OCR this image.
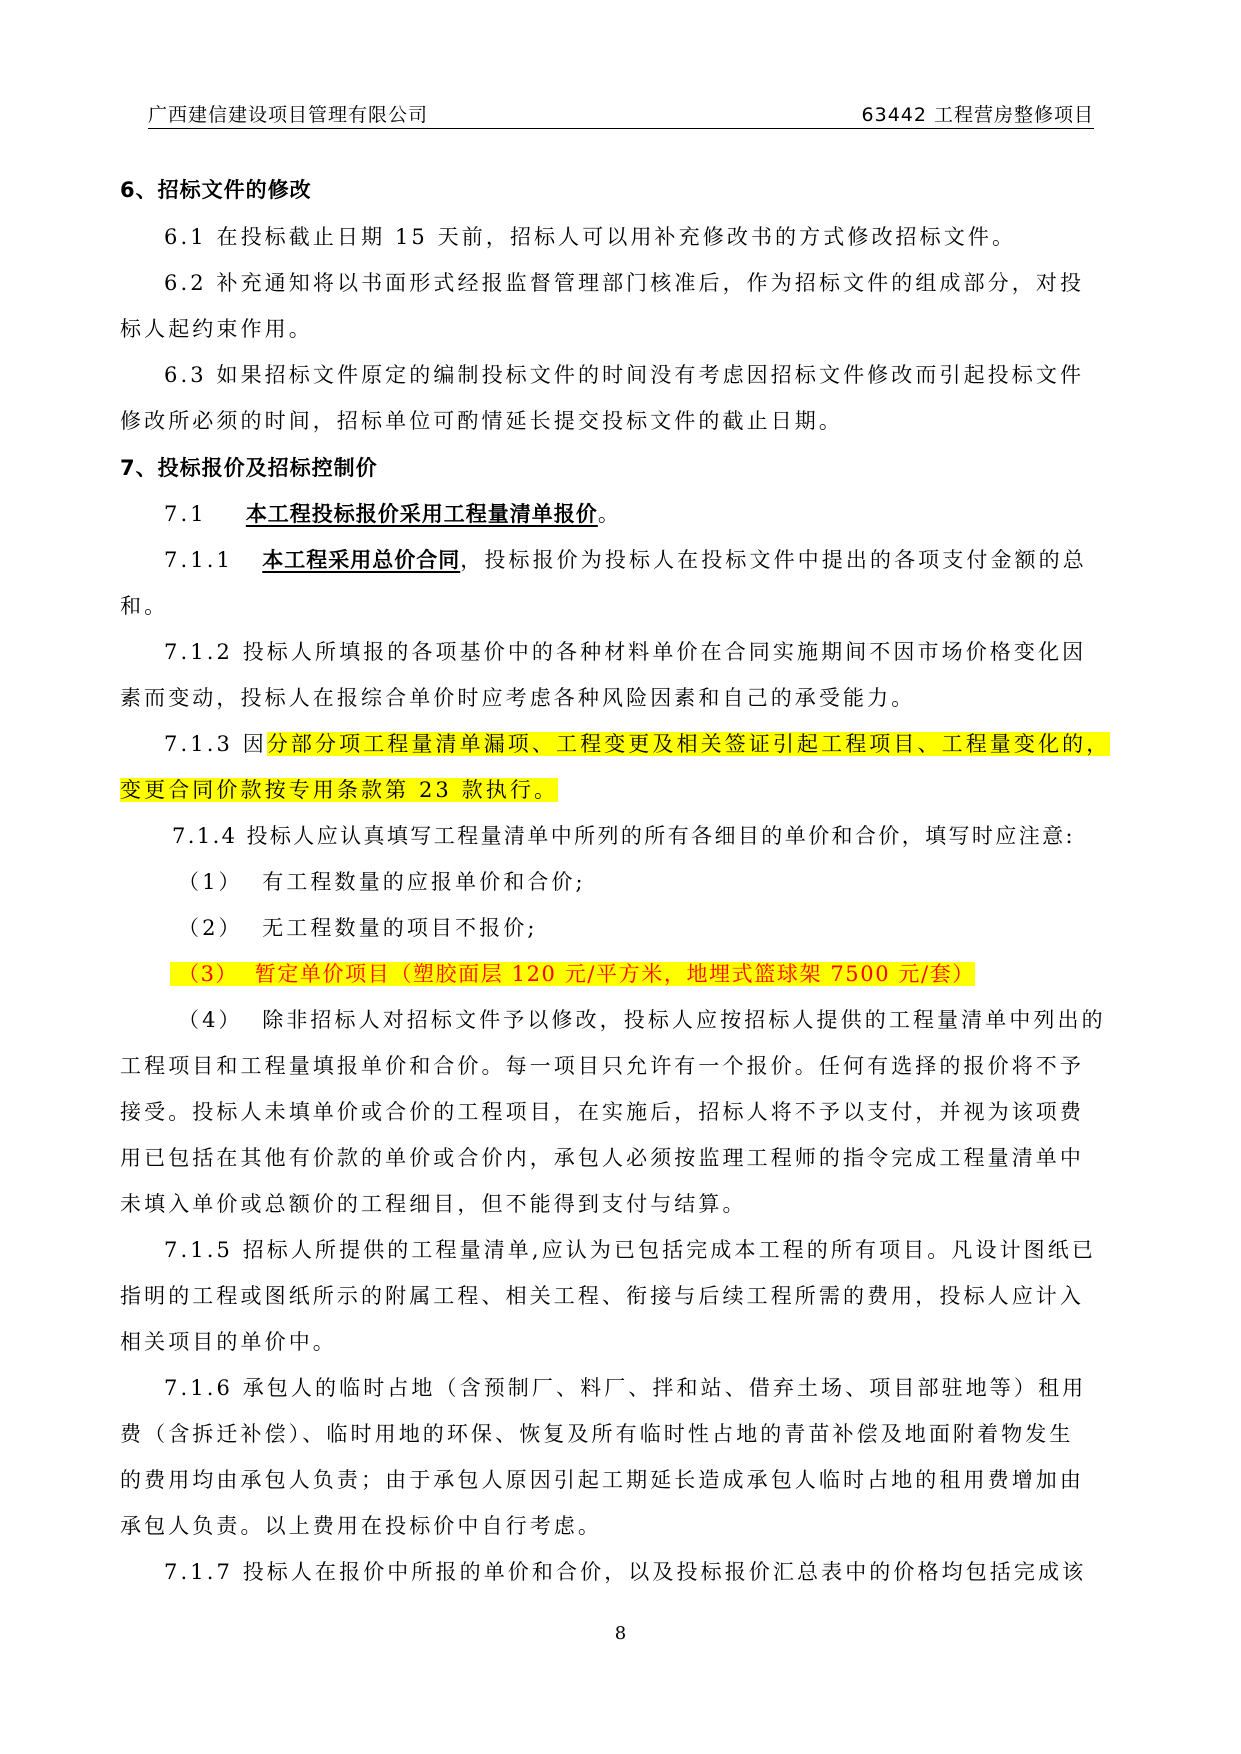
广西建信建设项目管理有限公司	63442 工程营房整修项目
6、招标文件的修改
6.1 在投标截止日期 15 天前，招标人可以用补充修改书的方式修改招标文件。
6.2 补充通知将以书面形式经报监督管理部门核准后，作为招标文件的组成部分，对投
标人起约束作用。
6.3 如果招标文件原定的编制投标文件的时间没有考虑因招标文件修改而引起投标文件
修改所必须的时间，招标单位可酌情延长提交投标文件的截止日期。
7、投标报价及招标控制价
7.1 本工程投标报价采用工程量清单报价。
7.1.1 本工程采用总价合同，投标报价为投标人在投标文件中提出的各项支付金额的总
和。
7.1.2 投标人所填报的各项基价中的各种材料单价在合同实施期间不因市场价格变化因
素而变动，投标人在报综合单价时应考虑各种风险因素和自己的承受能力。
7.1.3 因分部分项工程量清单漏项、工程变更及相关签证引起工程项目、工程量变化的，
变更合同价款按专用条款第 23 款执行。
7.1.4 投标人应认真填写工程量清单中所列的所有各细目的单价和合价，填写时应注意:
（1） 有工程数量的应报单价和合价;
（2） 无工程数量的项目不报价;
（3） 暂定单价项目（塑胶面层 120 元/平方米，地埋式篮球架 7500 元/套）
（4） 除非招标人对招标文件予以修改，投标人应按招标人提供的工程量清单中列出的
工程项目和工程量填报单价和合价。每一项目只允许有一个报价。任何有选择的报价将不予
接受。投标人未填单价或合价的工程项目，在实施后，招标人将不予以支付，并视为该项费
用已包括在其他有价款的单价或合价内，承包人必须按监理工程师的指令完成工程量清单中
未填入单价或总额价的工程细目，但不能得到支付与结算。
7.1.5 招标人所提供的工程量清单,应认为已包括完成本工程的所有项目。凡设计图纸已
指明的工程或图纸所示的附属工程、相关工程、衔接与后续工程所需的费用，投标人应计入
相关项目的单价中。
7.1.6 承包人的临时占地（含预制厂、料厂、拌和站、借弃土场、项目部驻地等）租用
费（含拆迁补偿）、临时用地的环保、恢复及所有临时性占地的青苗补偿及地面附着物发生
的费用均由承包人负责；由于承包人原因引起工期延长造成承包人临时占地的租用费增加由
承包人负责。以上费用在投标价中自行考虑。
7.1.7 投标人在报价中所报的单价和合价，以及投标报价汇总表中的价格均包括完成该
8
